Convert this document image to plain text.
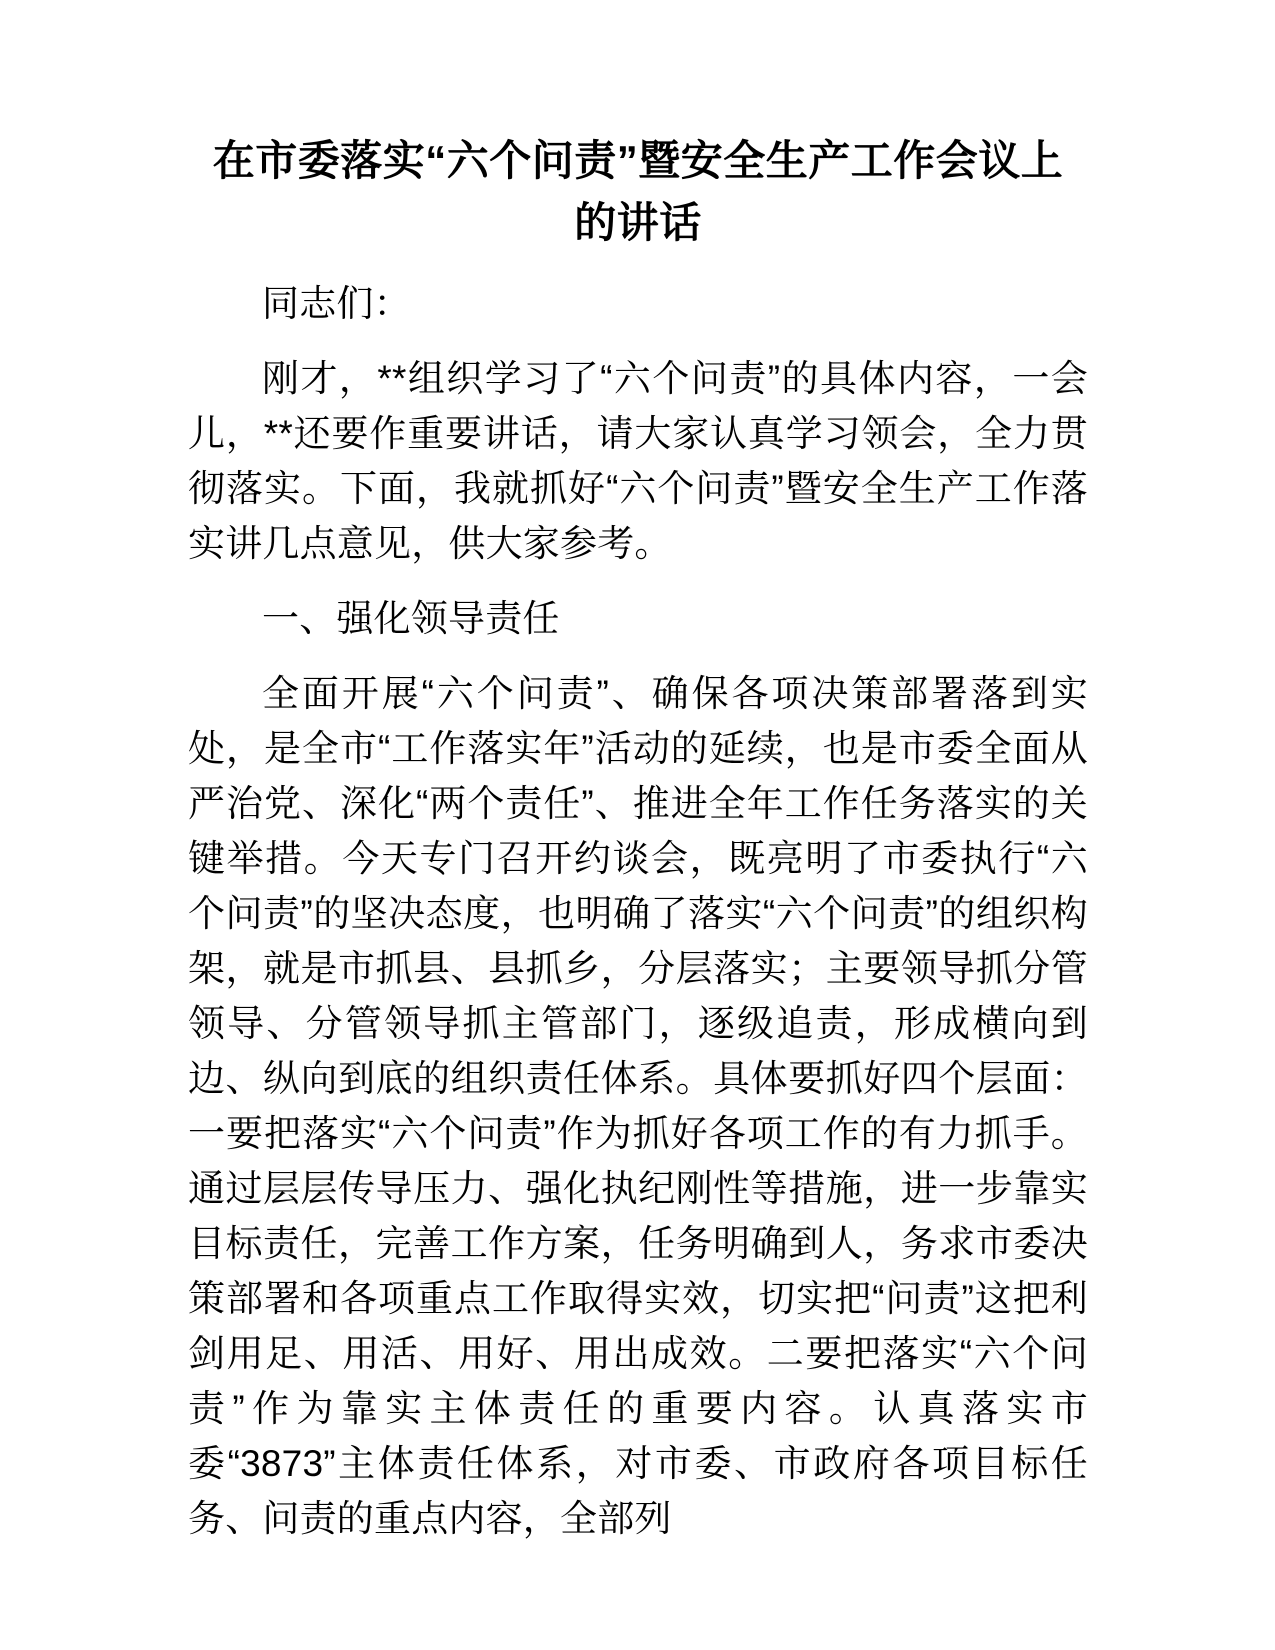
在市委落实“六个问责”暨安全生产工作会议上的讲话

同志们：

刚才，**组织学习了“六个问责”的具体内容，一会儿，**还要作重要讲话，请大家认真学习领会，全力贯彻落实。下面，我就抓好“六个问责”暨安全生产工作落实讲几点意见，供大家参考。

一、强化领导责任

全面开展“六个问责”、确保各项决策部署落到实处，是全市“工作落实年”活动的延续，也是市委全面从严治党、深化“两个责任”、推进全年工作任务落实的关键举措。今天专门召开约谈会，既亮明了市委执行“六个问责”的坚决态度，也明确了落实“六个问责”的组织构架，就是市抓县、县抓乡，分层落实；主要领导抓分管领导、分管领导抓主管部门，逐级追责，形成横向到边、纵向到底的组织责任体系。具体要抓好四个层面：一要把落实“六个问责”作为抓好各项工作的有力抓手。通过层层传导压力、强化执纪刚性等措施，进一步靠实目标责任，完善工作方案，任务明确到人，务求市委决策部署和各项重点工作取得实效，切实把“问责”这把利剑用足、用活、用好、用出成效。二要把落实“六个问责”作为靠实主体责任的重要内容。认真落实市委“3873”主体责任体系，对市委、市政府各项目标任务、问责的重点内容，全部列
